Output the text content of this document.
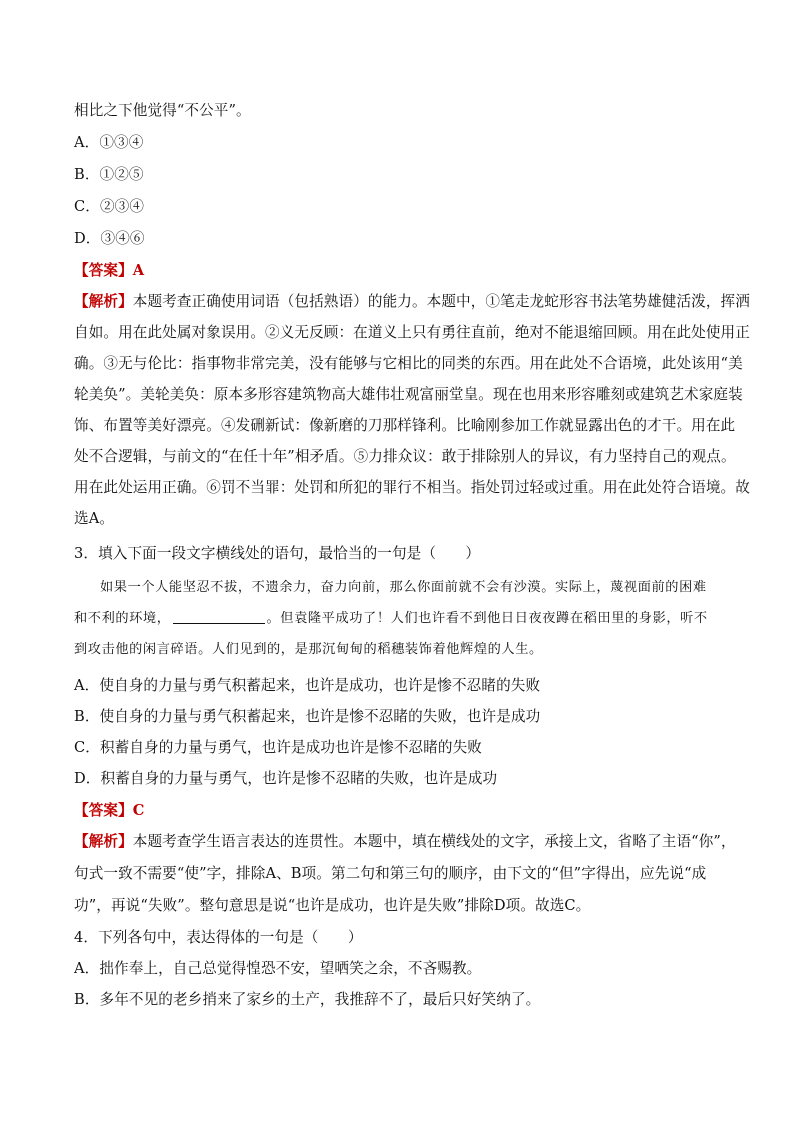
相比之下他觉得“不公平”。
A．①③④
B．①②⑤
C．②③④
D．③④⑥
【答案】A
【解析】本题考查正确使用词语（包括熟语）的能力。本题中，①笔走龙蛇形容书法笔势雄健活泼，挥洒
自如。用在此处属对象误用。②义无反顾：在道义上只有勇往直前，绝对不能退缩回顾。用在此处使用正
确。③无与伦比：指事物非常完美，没有能够与它相比的同类的东西。用在此处不合语境，此处该用“美
轮美奂”。美轮美奂：原本多形容建筑物高大雄伟壮观富丽堂皇。现在也用来形容雕刻或建筑艺术家庭装
饰、布置等美好漂亮。④发硎新试：像新磨的刀那样锋利。比喻刚参加工作就显露出色的才干。用在此
处不合逻辑，与前文的“在任十年”相矛盾。⑤力排众议：敢于排除别人的异议，有力坚持自己的观点。
用在此处运用正确。⑥罚不当罪：处罚和所犯的罪行不相当。指处罚过轻或过重。用在此处符合语境。故
选A。
3．填入下面一段文字横线处的语句，最恰当的一句是（　　）
如果一个人能坚忍不拔，不遗余力，奋力向前，那么你面前就不会有沙漠。实际上，蔑视面前的困难
和不利的环境，	。但袁隆平成功了！人们也许看不到他日日夜夜蹲在稻田里的身影，听不
到攻击他的闲言碎语。人们见到的，是那沉甸甸的稻穗装饰着他辉煌的人生。
A．使自身的力量与勇气积蓄起来，也许是成功，也许是惨不忍睹的失败
B．使自身的力量与勇气积蓄起来，也许是惨不忍睹的失败，也许是成功
C．积蓄自身的力量与勇气，也许是成功也许是惨不忍睹的失败
D．积蓄自身的力量与勇气，也许是惨不忍睹的失败，也许是成功
【答案】C
【解析】本题考查学生语言表达的连贯性。本题中，填在横线处的文字，承接上文，省略了主语“你”，
句式一致不需要“使”字，排除A、B项。第二句和第三句的顺序，由下文的“但”字得出，应先说“成
功”，再说“失败”。整句意思是说“也许是成功，也许是失败”排除D项。故选C。
4．下列各句中，表达得体的一句是（　　）
A．拙作奉上，自己总觉得惶恐不安，望哂笑之余，不吝赐教。
B．多年不见的老乡捎来了家乡的土产，我推辞不了，最后只好笑纳了。
